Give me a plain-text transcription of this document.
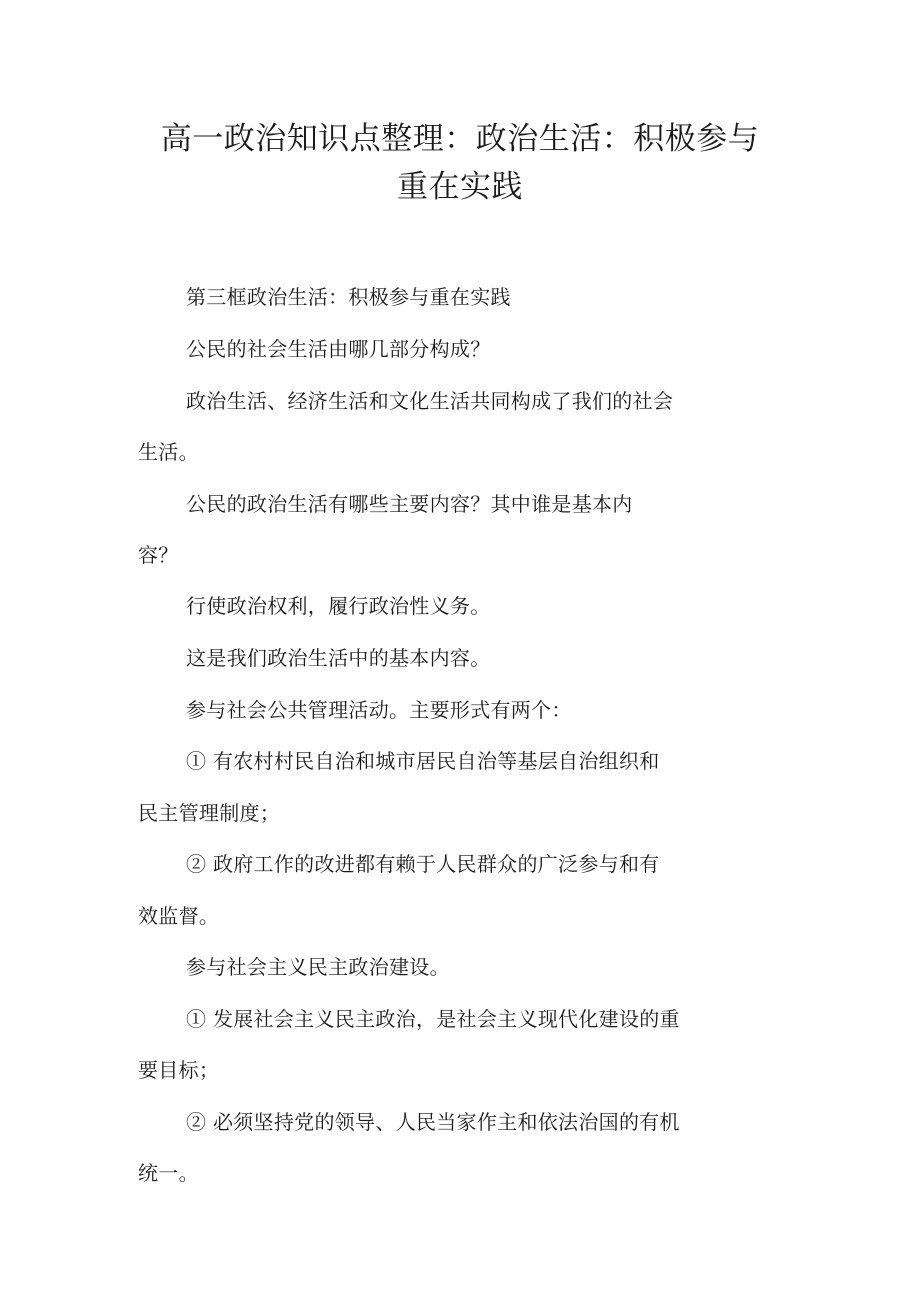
高一政治知识点整理：政治生活：积极参与
重在实践

第三框政治生活：积极参与重在实践

公民的社会生活由哪几部分构成？

政治生活、经济生活和文化生活共同构成了我们的社会

生活。

公民的政治生活有哪些主要内容？其中谁是基本内

容？

行使政治权利，履行政治性义务。

这是我们政治生活中的基本内容。

参与社会公共管理活动。主要形式有两个：

① 有农村村民自治和城市居民自治等基层自治组织和

民主管理制度；

② 政府工作的改进都有赖于人民群众的广泛参与和有

效监督。

参与社会主义民主政治建设。

① 发展社会主义民主政治，是社会主义现代化建设的重

要目标；

② 必须坚持党的领导、人民当家作主和依法治国的有机

统一。
